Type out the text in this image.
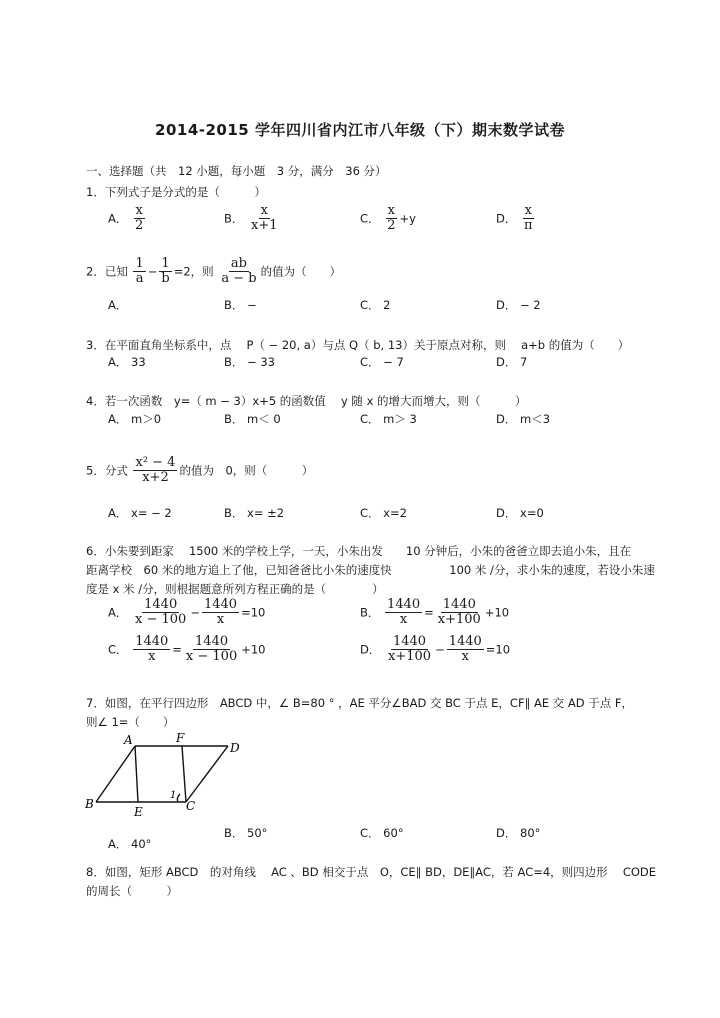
2014-2015 学年四川省内江市八年级（下）期末数学试卷
一、选择题（共　12 小题，每小题　3 分，满分　36 分）
1．下列式子是分式的是（　　　）
A． $\frac{x}{2}$	B． $\frac{x}{x+1}$	C． $\frac{x}{2} +y$	D． $\frac{x}{\pi}$
2．已知 $\frac{1}{a} - \frac{1}{b} =2$，则 $\frac{ab}{a - b}$ 的值为（　　）
A．	B． −	C． 2	D． − 2
3．在平面直角坐标系中，点　 P（ − 20, a）与点 Q（ b, 13）关于原点对称，则　 a+b 的值为（　　）
A． 33	B． − 33	C． − 7	D． 7
4．若一次函数　y=（ m − 3）x+5 的函数值　 y 随 x 的增大而增大，则（　　　）
A． m＞0	B． m＜ 0	C． m＞ 3	D． m＜3
5．分式 $\frac{\text{x² − 4}}{x+2}$ 的值为　0，则（　　　）
A． x= − 2	B． x= ±2	C． x=2	D． x=0
6．小朱要到距家　 1500 米的学校上学，一天，小朱出发　　10 分钟后，小朱的爸爸立即去追小朱，且在
距离学校　60 米的地方追上了他，已知爸爸比小朱的速度快　　　　　100 米 /分，求小朱的速度，若设小朱速
度是 x 米 /分，则根据题意所列方程正确的是（　　　　）
A． $\frac{1440}{x - 100} - \frac{1440}{x} =10$	B． $\frac{1440}{x} = \frac{1440}{x+100} +10$
C． $\frac{1440}{x} = \frac{1440}{x - 100} +10$	D． $\frac{1440}{x+100} - \frac{1440}{x} =10$
7．如图，在平行四边形　ABCD 中，∠ B=80 ° ，AE 平分∠BAD 交 BC 于点 E，CF∥ AE 交 AD 于点 F，
则∠ 1=（　　）
A	F
D
B
E	C
1
A． 40°
B． 50°	C． 60°	D． 80°
8．如图，矩形 ABCD　的对角线　 AC 、BD 相交于点　O，CE∥ BD，DE∥AC，若 AC=4，则四边形　 CODE
的周长（　　　）
